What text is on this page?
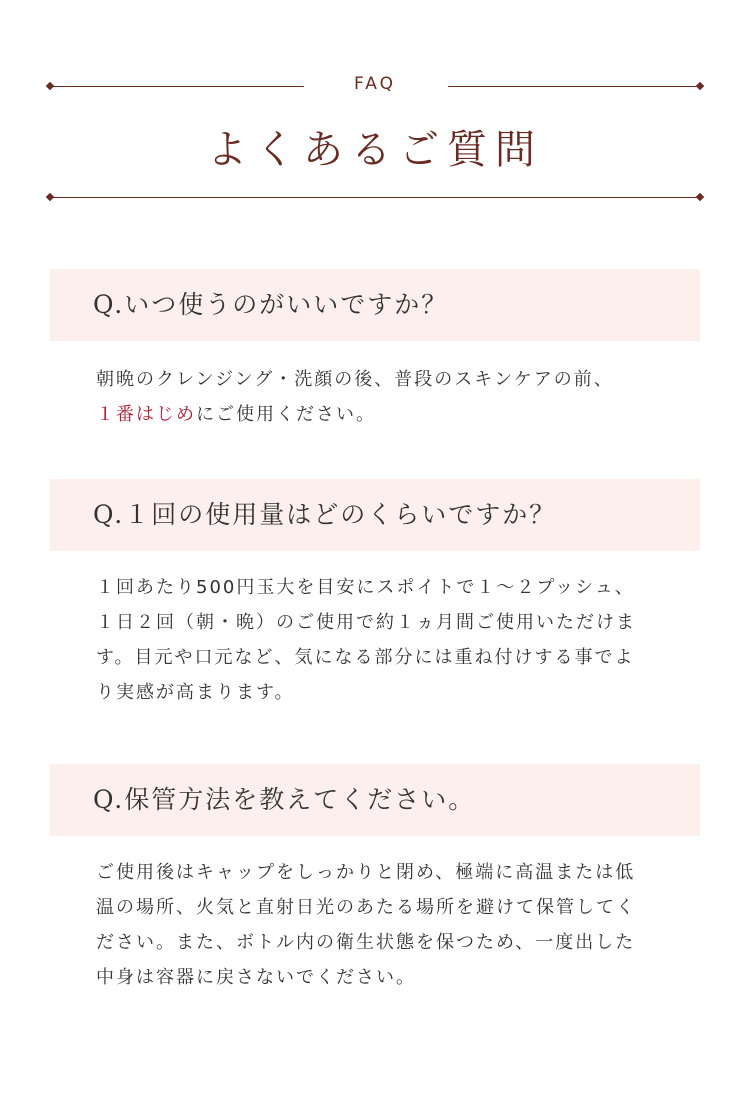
FAQ
よくあるご質問
Q.いつ使うのがいいですか？

朝晩のクレンジング・洗顔の後、普段のスキンケアの前、

１番はじめにご使用ください。

Q.１回の使用量はどのくらいですか？

１回あたり500円玉大を目安にスポイトで１～２プッシュ、

１日２回（朝・晩）のご使用で約１ヵ月間ご使用いただけま

す。目元や口元など、気になる部分には重ね付けする事でよ

り実感が高まります。

Q.保管方法を教えてください。

ご使用後はキャップをしっかりと閉め、極端に高温または低

温の場所、火気と直射日光のあたる場所を避けて保管してく

ださい。また、ボトル内の衛生状態を保つため、一度出した

中身は容器に戻さないでください。
